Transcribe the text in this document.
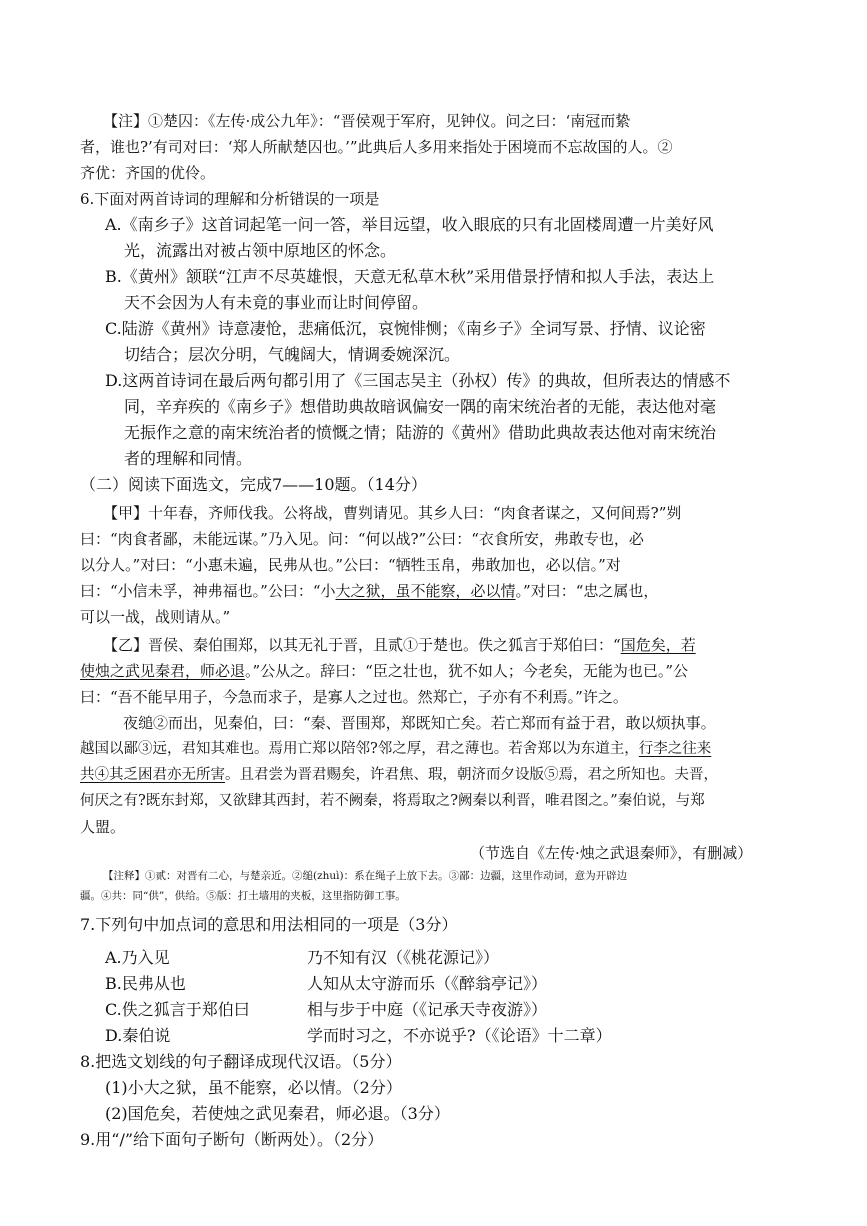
【注】①楚囚：《左传·成公九年》：“晋侯观于军府，见钟仪。问之曰：‘南冠而絷
者，谁也?’有司对曰：‘郑人所献楚囚也。’”此典后人多用来指处于困境而不忘故国的人。②
齐优：齐国的优伶。
6.下面对两首诗词的理解和分析错误的一项是
A.《南乡子》这首词起笔一问一答，举目远望，收入眼底的只有北固楼周遭一片美好风
光，流露出对被占领中原地区的怀念。
B.《黄州》颔联“江声不尽英雄恨，天意无私草木秋”采用借景抒情和拟人手法，表达上
天不会因为人有未竟的事业而让时间停留。
C.陆游《黄州》诗意凄怆，悲痛低沉，哀惋悱恻；《南乡子》全词写景、抒情、议论密
切结合；层次分明，气魄阔大，情调委婉深沉。
D.这两首诗词在最后两句都引用了《三国志吴主（孙权）传》的典故，但所表达的情感不
同，辛弃疾的《南乡子》想借助典故暗讽偏安一隅的南宋统治者的无能，表达他对毫
无振作之意的南宋统治者的愤慨之情；陆游的《黄州》借助此典故表达他对南宋统治
者的理解和同情。
（二）阅读下面选文，完成7——10题。（14分）
【甲】十年春，齐师伐我。公将战，曹刿请见。其乡人曰：“肉食者谋之，又何间焉?”刿
曰：“肉食者鄙，未能远谋。”乃入见。问：“何以战?”公曰：“衣食所安，弗敢专也，必
以分人。”对曰：“小惠未遍，民弗从也。”公曰：“牺牲玉帛，弗敢加也，必以信。”对
曰：“小信未孚，神弗福也。”公曰：“小大之狱，虽不能察，必以情。”对曰：“忠之属也，
可以一战，战则请从。”
【乙】晋侯、秦伯围郑，以其无礼于晋，且贰①于楚也。佚之狐言于郑伯曰：“国危矣，若
使烛之武见秦君，师必退。”公从之。辞曰：“臣之壮也，犹不如人；今老矣，无能为也已。”公
曰：“吾不能早用子，今急而求子，是寡人之过也。然郑亡，子亦有不利焉。”许之。
夜缒②而出，见秦伯，曰：“秦、晋围郑，郑既知亡矣。若亡郑而有益于君，敢以烦执事。
越国以鄙③远，君知其难也。焉用亡郑以陪邻?邻之厚，君之薄也。若舍郑以为东道主，行李之往来
共④其乏困君亦无所害。且君尝为晋君赐矣，许君焦、瑕，朝济而夕设版⑤焉，君之所知也。夫晋，
何厌之有?既东封郑，又欲肆其西封，若不阙秦，将焉取之?阙秦以利晋，唯君图之。”秦伯说，与郑
人盟。
（节选自《左传·烛之武退秦师》，有删减）
【注释】①贰：对晋有二心，与楚亲近。②缒(zhuì)：系在绳子上放下去。③鄙：边疆，这里作动词，意为开辟边
疆。④共：同“供”，供给。⑤版：打土墙用的夹板，这里指防御工事。
7.下列句中加点词的意思和用法相同的一项是（3分）
A.乃入见	乃不知有汉（《桃花源记》）
B.民弗从也	人知从太守游而乐（《醉翁亭记》）
C.佚之狐言于郑伯曰	相与步于中庭（《记承天寺夜游》）
D.秦伯说	学而时习之，不亦说乎?（《论语》十二章）
8.把选文划线的句子翻译成现代汉语。（5分）
(1)小大之狱，虽不能察，必以情。（2分）
(2)国危矣，若使烛之武见秦君，师必退。（3分）
9.用“/”给下面句子断句（断两处）。（2分）
